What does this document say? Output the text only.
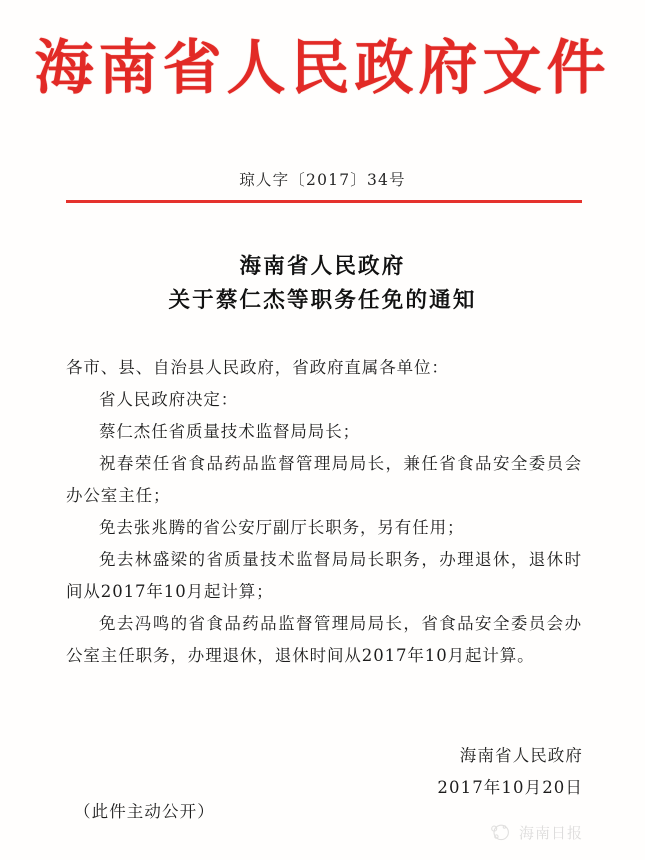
海南省人民政府文件
琼人字〔2017〕34号
海南省人民政府
关于蔡仁杰等职务任免的通知

各市、县、自治县人民政府，省政府直属各单位：

省人民政府决定：

蔡仁杰任省质量技术监督局局长；

祝春荣任省食品药品监督管理局局长，兼任省食品安全委员会办公室主任；

免去张兆腾的省公安厅副厅长职务，另有任用；

免去林盛梁的省质量技术监督局局长职务，办理退休，退休时间从2017年10月起计算；

免去冯鸣的省食品药品监督管理局局长，省食品安全委员会办公室主任职务，办理退休，退休时间从2017年10月起计算。

海南省人民政府
2017年10月20日
（此件主动公开）
海南日报
